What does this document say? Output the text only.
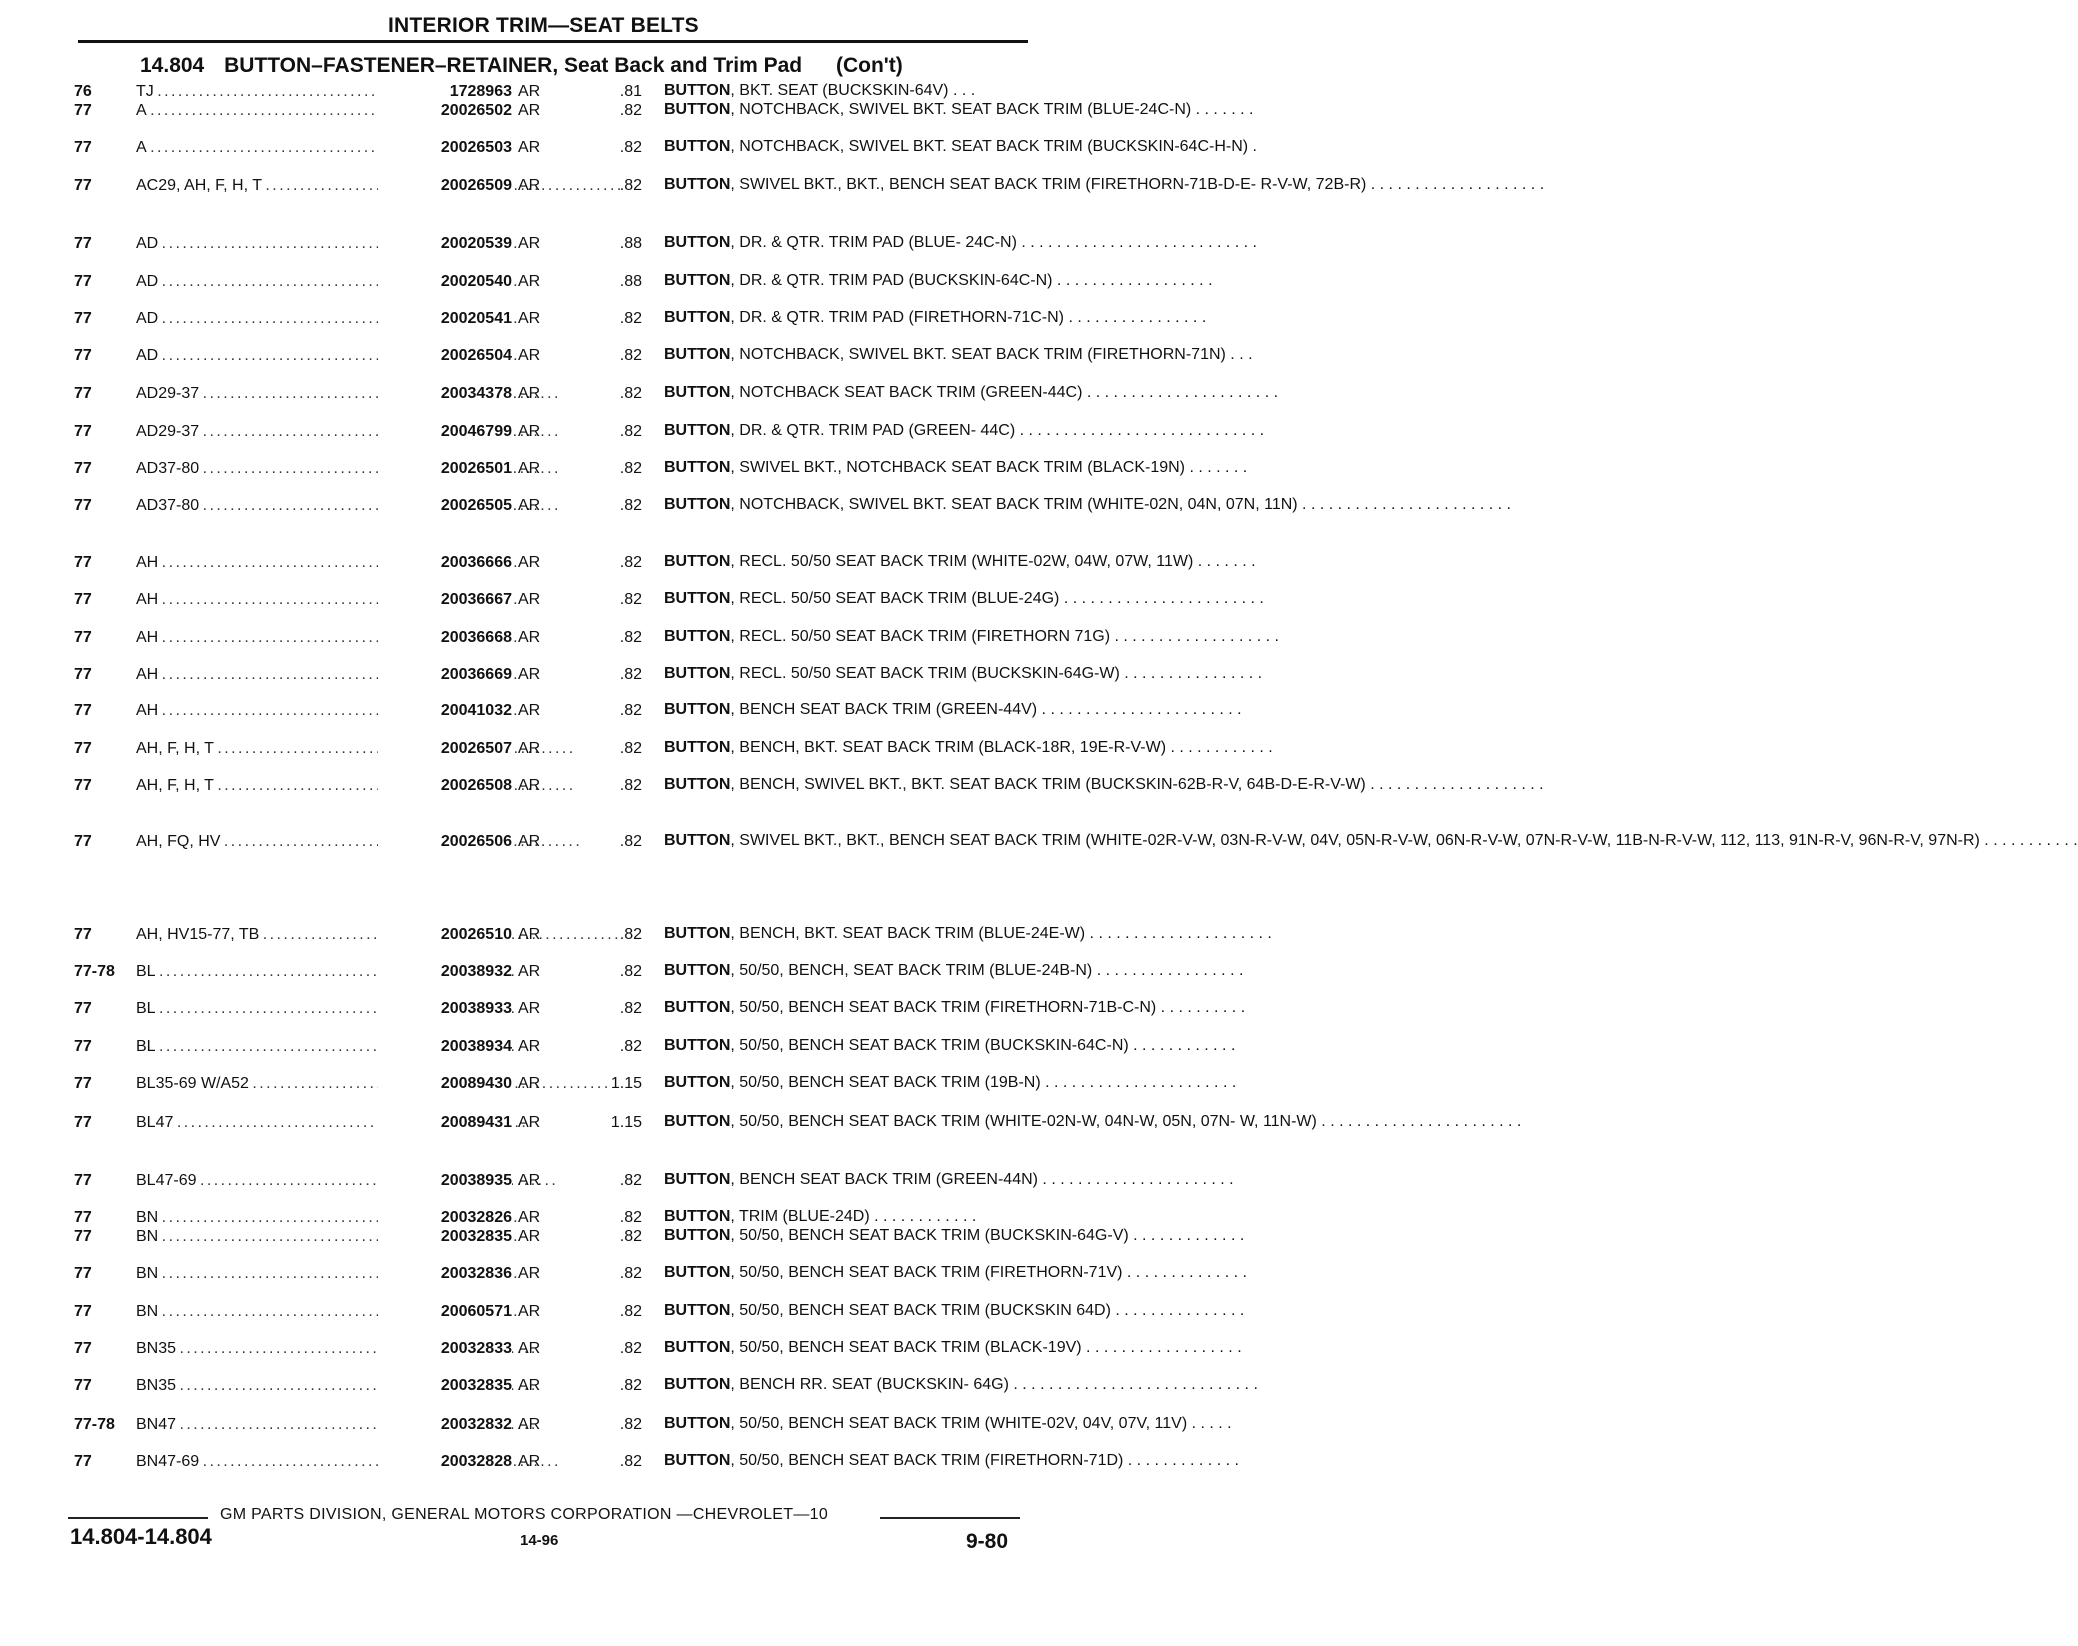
INTERIOR TRIM—SEAT BELTS
14.804 BUTTON–FASTENER–RETAINER, Seat Back and Trim Pad (Con't)
76	TJ . . .	1728963 AR	.81 BUTTON, BKT. SEAT (BUCKSKIN-64V) . . .
77	A . . .	20026502 AR	.82 BUTTON, NOTCHBACK, SWIVEL BKT. SEAT BACK TRIM (BLUE-24C-N) . . . . . . .
77	A . . .	20026503 AR	.82 BUTTON, NOTCHBACK, SWIVEL BKT. SEAT BACK TRIM (BUCKSKIN-64C-H-N) .
77	AC29, AH, F, H, T . . .	20026509 AR	.82 BUTTON, SWIVEL BKT., BKT., BENCH SEAT BACK TRIM (FIRETHORN-71B-D-E- R-V-W, 72B-R) . . . . . . . . . . . . . . . . . . . .
77	AD . . .	20020539 AR	.88 BUTTON, DR. & QTR. TRIM PAD (BLUE- 24C-N) . . . . . . . . . . . . . . . . . . . . . . . . . . .
77	AD . . .	20020540 AR	.88 BUTTON, DR. & QTR. TRIM PAD (BUCKSKIN-64C-N) . . . . . . . . . . . . . . . . . .
77	AD . . .	20020541 AR	.82 BUTTON, DR. & QTR. TRIM PAD (FIRETHORN-71C-N) . . . . . . . . . . . . . . . .
77	AD . . .	20026504 AR	.82 BUTTON, NOTCHBACK, SWIVEL BKT. SEAT BACK TRIM (FIRETHORN-71N) . . .
77	AD29-37 . . .	20034378 AR	.82 BUTTON, NOTCHBACK SEAT BACK TRIM (GREEN-44C) . . . . . . . . . . . . . . . . . . . . . .
77	AD29-37 . . .	20046799 AR	.82 BUTTON, DR. & QTR. TRIM PAD (GREEN- 44C) . . . . . . . . . . . . . . . . . . . . . . . . . . . .
77	AD37-80 . . .	20026501 AR	.82 BUTTON, SWIVEL BKT., NOTCHBACK SEAT BACK TRIM (BLACK-19N) . . . . . . .
77	AD37-80 . . .	20026505 AR	.82 BUTTON, NOTCHBACK, SWIVEL BKT. SEAT BACK TRIM (WHITE-02N, 04N, 07N, 11N) . . . . . . . . . . . . . . . . . . . . . . . .
77	AH . . .	20036666 AR	.82 BUTTON, RECL. 50/50 SEAT BACK TRIM (WHITE-02W, 04W, 07W, 11W) . . . . . . .
77	AH . . .	20036667 AR	.82 BUTTON, RECL. 50/50 SEAT BACK TRIM (BLUE-24G) . . . . . . . . . . . . . . . . . . . . . . .
77	AH . . .	20036668 AR	.82 BUTTON, RECL. 50/50 SEAT BACK TRIM (FIRETHORN 71G) . . . . . . . . . . . . . . . . . . .
77	AH . . .	20036669 AR	.82 BUTTON, RECL. 50/50 SEAT BACK TRIM (BUCKSKIN-64G-W) . . . . . . . . . . . . . . . .
77	AH . . .	20041032 AR	.82 BUTTON, BENCH SEAT BACK TRIM (GREEN-44V) . . . . . . . . . . . . . . . . . . . . . . .
77	AH, F, H, T . . .	20026507 AR	.82 BUTTON, BENCH, BKT. SEAT BACK TRIM (BLACK-18R, 19E-R-V-W) . . . . . . . . . . . .
77	AH, F, H, T . . .	20026508 AR	.82 BUTTON, BENCH, SWIVEL BKT., BKT. SEAT BACK TRIM (BUCKSKIN-62B-R-V, 64B-D-E-R-V-W) . . . . . . . . . . . . . . . . . . . .
77	AH, FQ, HV . . .	20026506 AR	.82 BUTTON, SWIVEL BKT., BKT., BENCH SEAT BACK TRIM (WHITE-02R-V-W, 03N-R-V-W, 04V, 05N-R-V-W, 06N-R-V-W, 07N-R-V-W, 11B-N-R-V-W, 112, 113, 91N-R-V, 96N-R-V, 97N-R) . . . . . . . . . . .
77	AH, HV15-77, TB . . .	20026510 AR	.82 BUTTON, BENCH, BKT. SEAT BACK TRIM (BLUE-24E-W) . . . . . . . . . . . . . . . . . . . . .
77-78	BL . . .	20038932 AR	.82 BUTTON, 50/50, BENCH, SEAT BACK TRIM (BLUE-24B-N) . . . . . . . . . . . . . . . . .
77	BL . . .	20038933 AR	.82 BUTTON, 50/50, BENCH SEAT BACK TRIM (FIRETHORN-71B-C-N) . . . . . . . . . .
77	BL . . .	20038934 AR	.82 BUTTON, 50/50, BENCH SEAT BACK TRIM (BUCKSKIN-64C-N) . . . . . . . . . . . .
77	BL35-69 W/A52 . . .	20089430 AR	1.15 BUTTON, 50/50, BENCH SEAT BACK TRIM (19B-N) . . . . . . . . . . . . . . . . . . . . . .
77	BL47 . . .	20089431 AR	1.15 BUTTON, 50/50, BENCH SEAT BACK TRIM (WHITE-02N-W, 04N-W, 05N, 07N- W, 11N-W) . . . . . . . . . . . . . . . . . . . . . . .
77	BL47-69 . . .	20038935 AR	.82 BUTTON, BENCH SEAT BACK TRIM (GREEN-44N) . . . . . . . . . . . . . . . . . . . . . .
77	BN . . .	20032826 AR	.82 BUTTON, TRIM (BLUE-24D) . . . . . . . . . . . .
77	BN . . .	20032835 AR	.82 BUTTON, 50/50, BENCH SEAT BACK TRIM (BUCKSKIN-64G-V) . . . . . . . . . . . . .
77	BN . . .	20032836 AR	.82 BUTTON, 50/50, BENCH SEAT BACK TRIM (FIRETHORN-71V) . . . . . . . . . . . . . .
77	BN . . .	20060571 AR	.82 BUTTON, 50/50, BENCH SEAT BACK TRIM (BUCKSKIN 64D) . . . . . . . . . . . . . . .
77	BN35 . . .	20032833 AR	.82 BUTTON, 50/50, BENCH SEAT BACK TRIM (BLACK-19V) . . . . . . . . . . . . . . . . . .
77	BN35 . . .	20032835 AR	.82 BUTTON, BENCH RR. SEAT (BUCKSKIN- 64G) . . . . . . . . . . . . . . . . . . . . . . . . . . . .
77-78	BN47 . . .	20032832 AR	.82 BUTTON, 50/50, BENCH SEAT BACK TRIM (WHITE-02V, 04V, 07V, 11V) . . . . .
77	BN47-69 . . .	20032828 AR	.82 BUTTON, 50/50, BENCH SEAT BACK TRIM (FIRETHORN-71D) . . . . . . . . . . . . .
GM PARTS DIVISION, GENERAL MOTORS CORPORATION —CHEVROLET—10
14.804-14.804	14-96	9-80
